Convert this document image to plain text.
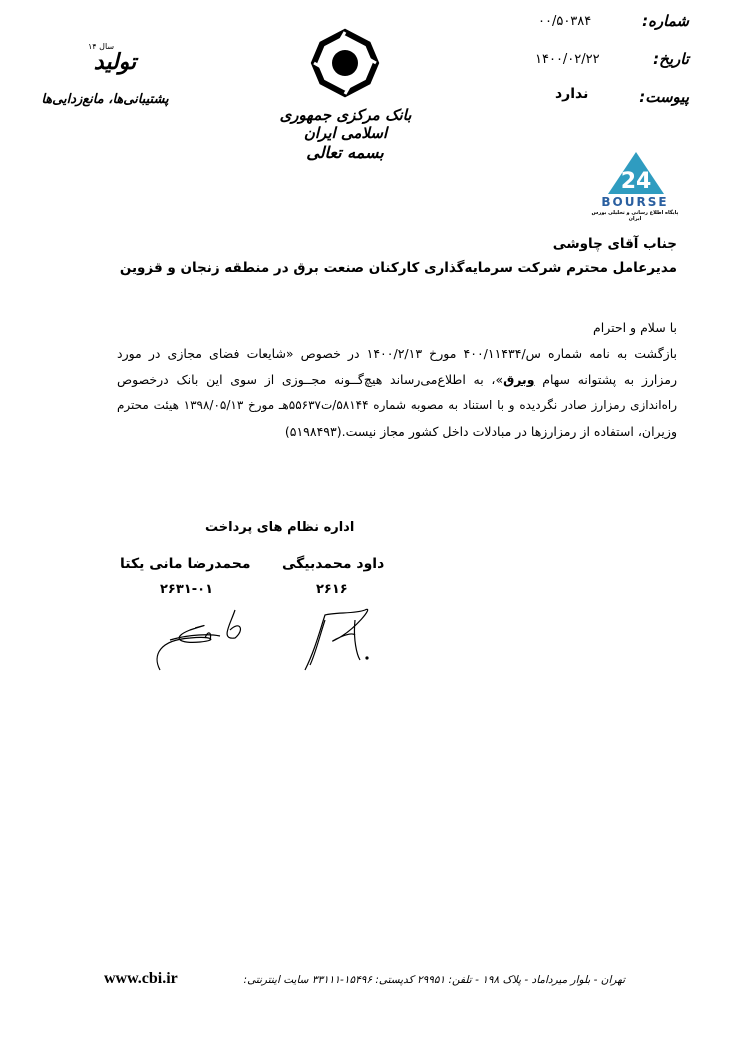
شماره:
۰۰/۵۰۳۸۴
تاریخ:
۱۴۰۰/۰۲/۲۲
پیوست:
ندارد
بانک مرکزی جمهوری اسلامی ایران
بسمه تعالی
تولید
سال ۱۴
پشتیبانی‌ها، مانع‌زدایی‌ها
24
BOURSE
پایگاه اطلاع رسانی و تحلیلی بورس ایران
جناب آقای چاوشی
مدیرعامل محترم شرکت سرمایه‌گذاری کارکنان صنعت برق در منطقه زنجان و قزوین
با سلام و احترام
بازگشت به نامه شماره س/۴۰۰/۱۱۴۳۴ مورخ ۱۴۰۰/۲/۱۳ در خصوص «شایعات فضای مجازی در مورد
رمزارز به پشتوانه سهام وبرق»، به اطلاع‌می‌رساند هیچ‌گــونه مجــوزی از سوی این بانک درخصوص
راه‌اندازی رمزارز صادر نگردیده و با استناد به مصوبه شماره ۵۸۱۴۴/ت۵۵۶۳۷هـ مورخ ۱۳۹۸/۰۵/۱۳ هیئت محترم
وزیران، استفاده از رمزارزها در مبادلات داخل کشور مجاز نیست.(۵۱۹۸۴۹۳)
اداره نظام های پرداخت
داود محمدبیگی
۲۶۱۶
محمدرضا مانی یکتا
۲۶۳۱-۰۱
تهران - بلوار میرداماد - پلاک ۱۹۸ - تلفن: ۲۹۹۵۱ کدپستی: ۱۵۴۹۶-۳۳۱۱۱ سایت اینترنتی:
www.cbi.ir
